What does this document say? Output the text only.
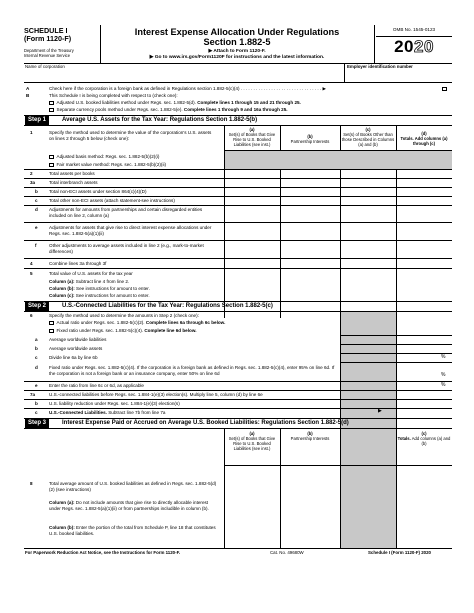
SCHEDULE I
(Form 1120-F)
Department of the Treasury
Internal Revenue Service
Interest Expense Allocation Under Regulations
Section 1.882-5
▶ Attach to Form 1120-F.
▶ Go to www.irs.gov/Form1120F for instructions and the latest information.
OMB No. 1545-0123
2020
Name of corporation	Employer identification number
A	Check here if the corporation is a foreign bank as defined in Regulations section 1.882-5(c)(4) . . . . . . . . . . . . . . . . . . . . . . . . . . . . . . . . ▶
B	This Schedule I is being completed with respect to (check one):
Adjusted U.S. booked liabilities method under Regs. sec. 1.882-5(d). Complete lines 1 through 15 and 21 through 25.
Separate currency pools method under Regs. sec. 1.882-5(e). Complete lines 1 through 9 and 16a through 25.
Step 1	Average U.S. Assets for the Tax Year: Regulations Section 1.882-5(b)
(a)
Set(s) of Books that Give Rise to U.S. Booked Liabilities (see inst.)
(b)
Partnership Interests
(c)
Set(s) of Books Other than those Described in Columns (a) and (b)
(d)
Totals. Add columns (a) through (c)
1	Specify the method used to determine the value of the corporation's U.S. assets on lines 2 through 5 below (check one):
Adjusted basis method: Regs. sec. 1.882-5(b)(2)(i)
Fair market value method: Regs. sec. 1.882-5(b)(2)(ii)
2	Total assets per books
3a	Total interbranch assets
b Total non-ECI assets under section 864(c)(4)(D)
c Total other non-ECI assets (attach statement-see instructions)
d Adjustments for amounts from partnerships and certain disregarded entities included on line 2, column (a)
e Adjustments for assets that give rise to direct interest expense allocations under Regs. sec. 1.882-5(a)(1)(ii)
f	Other adjustments to average assets included in line 2 (e.g., mark-to-market differences)
4	Combine lines 3a through 3f
5	Total value of U.S. assets for the tax year
Column (a): Subtract line 4 from line 2.
Column (b): See instructions for amount to enter.
Column (c): See instructions for amount to enter.
Step 2	U.S.-Connected Liabilities for the Tax Year: Regulations Section 1.882-5(c)
6	Specify the method used to determine the amounts in Step 2 (check one):
Actual ratio under Regs. sec. 1.882-5(c)(2). Complete lines 6a through 6c below.
Fixed ratio under Regs. sec. 1.882-5(c)(4). Complete line 6d below.
a Average worldwide liabilities
b Average worldwide assets
c Divide line 6a by line 6b	%
d Fixed ratio under Regs. sec. 1.882-5(c)(4). If the corporation is a foreign bank as defined in Regs. sec. 1.882-5(c)(4), enter 95% on line 6d. If the corporation is not a foreign bank or an insurance company, enter 50% on line 6d	%
e Enter the ratio from line 6c or 6d, as applicable	%
7a	U.S.-connected liabilities before Regs. sec. 1.884-1(e)(3) election(s). Multiply line 5, column (d) by line 6e
b U.S. liability reduction under Regs. sec. 1.884-1(e)(3) election(s)
c U.S.-Connected Liabilities. Subtract line 7b from line 7a	▶
Step 3	Interest Expense Paid or Accrued on Average U.S. Booked Liabilities: Regulations Section 1.882-5(d)
(a)
Set(s) of Books that Give Rise to U.S. Booked Liabilities (see inst.)
(b)
Partnership Interests
(c)
Totals. Add columns (a) and (b)
8	Total average amount of U.S. booked liabilities as defined in Regs. sec. 1.882-5(d)(2) (see instructions)
Column (a): Do not include amounts that give rise to directly allocable interest under Regs. sec. 1.882-5(a)(1)(ii) or from partnerships includible in column (b).
Column (b): Enter the portion of the total from Schedule P, line 18 that constitutes U.S. booked liabilities.
For Paperwork Reduction Act Notice, see the Instructions for Form 1120-F.	Cat. No. 49680W	Schedule I (Form 1120-F) 2020
